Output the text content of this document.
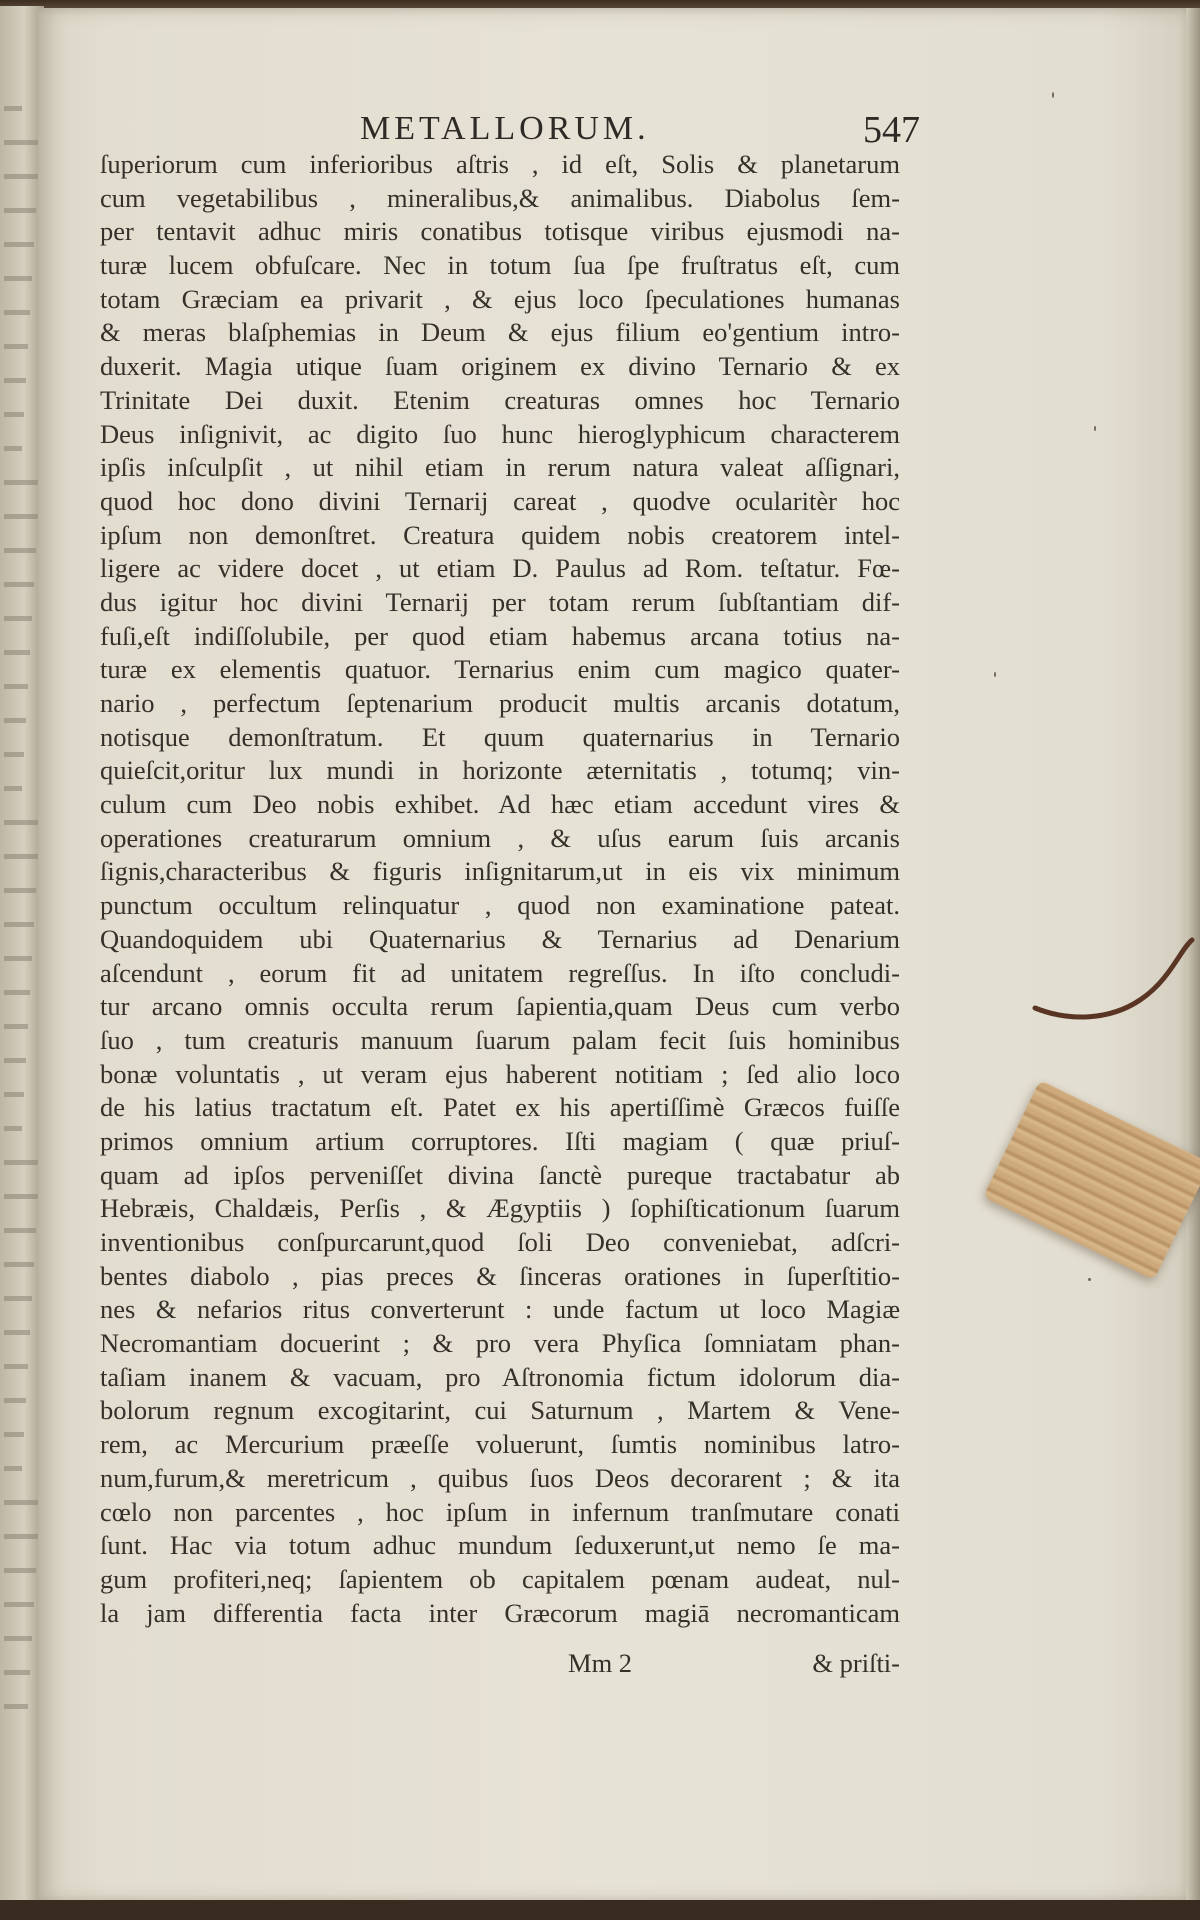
METALLORUM.	547
ſuperiorum cum inferioribus aſtris , id eſt, Solis & planetarum
cum vegetabilibus , mineralibus,& animalibus. Diabolus ſem-
per tentavit adhuc miris conatibus totisque viribus ejusmodi na-
turæ lucem obfuſcare. Nec in totum ſua ſpe fruſtratus eſt, cum
totam Græciam ea privarit , & ejus loco ſpeculationes humanas
& meras blaſphemias in Deum & ejus filium eo'gentium intro-
duxerit. Magia utique ſuam originem ex divino Ternario & ex
Trinitate Dei duxit. Etenim creaturas omnes hoc Ternario
Deus inſignivit, ac digito ſuo hunc hieroglyphicum characterem
ipſis inſculpſit , ut nihil etiam in rerum natura valeat aſſignari,
quod hoc dono divini Ternarij careat , quodve ocularitèr hoc
ipſum non demonſtret. Creatura quidem nobis creatorem intel-
ligere ac videre docet , ut etiam D. Paulus ad Rom. teſtatur. Fœ-
dus igitur hoc divini Ternarij per totam rerum ſubſtantiam dif-
fuſi,eſt indiſſolubile, per quod etiam habemus arcana totius na-
turæ ex elementis quatuor. Ternarius enim cum magico quater-
nario , perfectum ſeptenarium producit multis arcanis dotatum,
notisque demonſtratum. Et quum quaternarius in Ternario
quieſcit,oritur lux mundi in horizonte æternitatis , totumq; vin-
culum cum Deo nobis exhibet. Ad hæc etiam accedunt vires &
operationes creaturarum omnium , & uſus earum ſuis arcanis
ſignis,characteribus & figuris inſignitarum,ut in eis vix minimum
punctum occultum relinquatur , quod non examinatione pateat.
Quandoquidem ubi Quaternarius & Ternarius ad Denarium
aſcendunt , eorum fit ad unitatem regreſſus. In iſto concludi-
tur arcano omnis occulta rerum ſapientia,quam Deus cum verbo
ſuo , tum creaturis manuum ſuarum palam fecit ſuis hominibus
bonæ voluntatis , ut veram ejus haberent notitiam ; ſed alio loco
de his latius tractatum eſt. Patet ex his apertiſſimè Græcos fuiſſe
primos omnium artium corruptores. Iſti magiam ( quæ priuſ-
quam ad ipſos perveniſſet divina ſanctè pureque tractabatur ab
Hebræis, Chaldæis, Perſis , & Ægyptiis ) ſophiſticationum ſuarum
inventionibus conſpurcarunt,quod ſoli Deo conveniebat, adſcri-
bentes diabolo , pias preces & ſinceras orationes in ſuperſtitio-
nes & nefarios ritus converterunt : unde factum ut loco Magiæ
Necromantiam docuerint ; & pro vera Phyſica ſomniatam phan-
taſiam inanem & vacuam, pro Aſtronomia fictum idolorum dia-
bolorum regnum excogitarint, cui Saturnum , Martem & Vene-
rem, ac Mercurium præeſſe voluerunt, ſumtis nominibus latro-
num,furum,& meretricum , quibus ſuos Deos decorarent ; & ita
cœlo non parcentes , hoc ipſum in infernum tranſmutare conati
ſunt. Hac via totum adhuc mundum ſeduxerunt,ut nemo ſe ma-
gum profiteri,neq; ſapientem ob capitalem pœnam audeat, nul-
la jam differentia facta inter Græcorum magiā necromanticam
Mm 2	& priſti-
